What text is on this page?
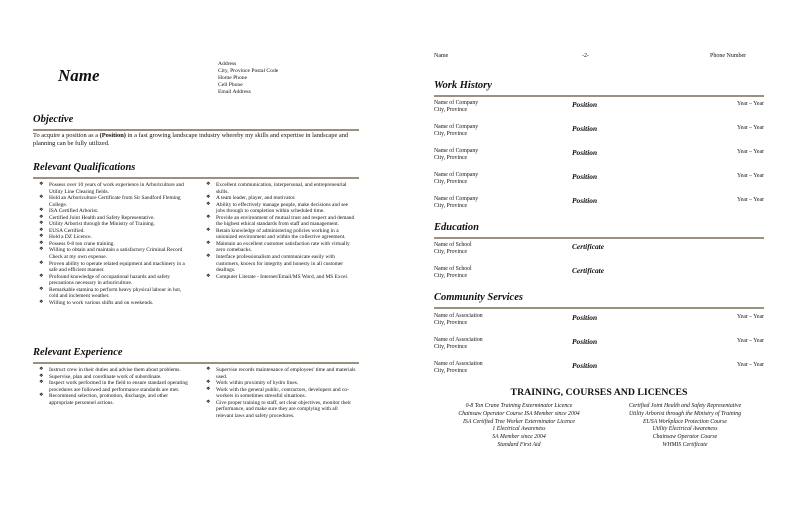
Name
Address
City, Province Postal Code
Home Phone
Cell Phone
Email Address
Objective
To acquire a position as a (Position) in a fast growing landscape industry whereby my skills and expertise in landscape and planning can be fully utilized.
Relevant Qualifications
❖	Possess over 10 years of work experience in Arboriculture and Utility Line Clearing fields.
❖	Hold an Arboriculture Certificate from Sir Sandford Fleming College.
❖	ISA Certified Arborist.
❖	Certified Joint Health and Safety Representative.
❖	Utility Arborist through the Ministry of Training.
❖	EUSA Certified.
❖	Hold a DZ Licence.
❖	Possess 0-8 ton crane training.
❖	Willing to obtain and maintain a satisfactory Criminal Record Check at my own expense.
❖	Proven ability to operate related equipment and machinery in a safe and efficient manner.
❖	Profound knowledge of occupational hazards and safety precautions necessary in arboriculture.
❖	Remarkable stamina to perform heavy physical labour in hot, cold and inclement weather.
❖	Willing to work various shifts and on weekends.
❖	Excellent communication, interpersonal, and entrepreneurial skills.
❖	A team leader, player, and motivator.
❖	Ability to effectively manage people, make decisions and see jobs through to completion within scheduled time.
❖	Provide an environment of mutual trust and respect and demand the highest ethical standards from staff and management.
❖	Retain knowledge of administering policies working in a unionized environment and within the collective agreement.
❖	Maintain an excellent customer satisfaction rate with virtually zero comebacks.
❖	Interface professionalism and communicate easily with customers, known for integrity and honesty in all customer dealings.
❖	Computer Literate - Internet/Email/MS Word, and MS Excel.
Relevant Experience
❖	Instruct crew in their duties and advise them about problems.
❖	Supervise, plan and coordinate work of subordinate.
❖	Inspect work performed in the field to ensure standard operating procedures are followed and performance standards are met.
❖	Recommend selection, promotion, discharge, and other appropriate personnel actions.
❖	Supervise records maintenance of employees' time and materials used.
❖	Work within proximity of hydro lines.
❖	Work with the general public, contractors, developers and co-workers in sometimes stressful situations.
❖	Give proper training to staff, set clear objectives, monitor their performance, and make sure they are complying with all relevant laws and safety procedures.
Name	-2-	Phone Number
Work History
Name of Company
City, Province
Position	Year – Year
Name of Company
City, Province
Position	Year – Year
Name of Company
City, Province
Position	Year – Year
Name of Company
City, Province
Position	Year – Year
Name of Company
City, Province
Position	Year – Year
Education
Name of School
City, Province
Certificate
Name of School
City, Province
Certificate
Community Services
Name of Association
City, Province
Position	Year – Year
Name of Association
City, Province
Position	Year – Year
Name of Association
City, Province
Position	Year – Year
TRAINING, COURSES AND LICENCES
0-8 Ton Crane Training Exterminator Licence
Chainsaw Operator Course ISA Member since 2004
ISA Certified Tree Worker Exterminator Licence
1 Electrical Awareness
SA Member since 2004
Standard First Aid
Certified Joint Health and Safety Representative
Utility Arborist through the Ministry of Training
EUSA Workplace Protection Course
Utility Electrical Awareness
Chainsaw Operator Course
WHMIS Certificate
